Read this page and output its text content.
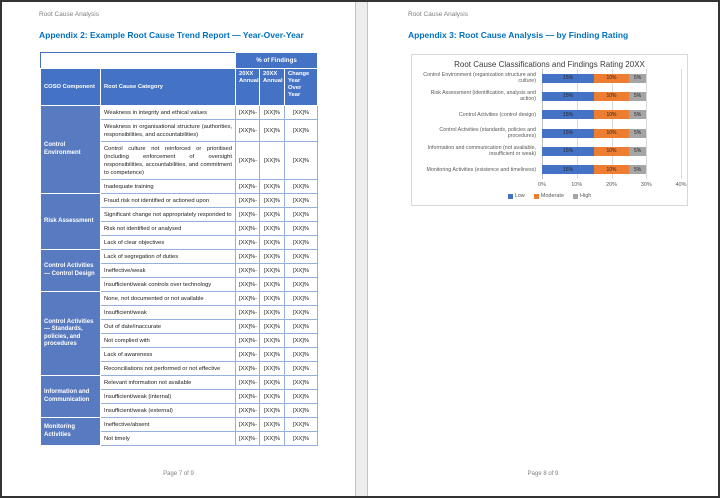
Root Cause Analysis
Appendix 2: Example Root Cause Trend Report — Year-Over-Year
		% of Findings		
COSO Component	Root Cause Category	20XX Annual	20XX Annual	Change Year Over Year
Control Environment	Weakness in integrity and ethical values	[XX]%-	[XX]%	[XX]%
	Weakness in organisational structure (authorities, responsibilities, and accountabilities)	[XX]%-	[XX]%	[XX]%
	Control culture not reinforced or prioritised (including enforcement of oversight responsibilities, accountabilities, and commitment to competence)	[XX]%-	[XX]%	[XX]%
	Inadequate training	[XX]%-	[XX]%	[XX]%
Risk Assessment	Fraud risk not identified or actioned upon	[XX]%-	[XX]%	[XX]%
	Significant change not appropriately responded to	[XX]%-	[XX]%	[XX]%
	Risk not identified or analysed	[XX]%-	[XX]%	[XX]%
	Lack of clear objectives	[XX]%-	[XX]%	[XX]%
Control Activities — Control Design	Lack of segregation of duties	[XX]%-	[XX]%	[XX]%
	Ineffective/weak	[XX]%-	[XX]%	[XX]%
	Insufficient/weak controls over technology	[XX]%-	[XX]%	[XX]%
Control Activities — Standards, policies, and procedures	None, not documented or not available	[XX]%-	[XX]%	[XX]%
	Insufficient/weak	[XX]%-	[XX]%	[XX]%
	Out of date/inaccurate	[XX]%-	[XX]%	[XX]%
	Not complied with	[XX]%-	[XX]%	[XX]%
	Lack of awareness	[XX]%-	[XX]%	[XX]%
	Reconciliations not performed or not effective	[XX]%-	[XX]%	[XX]%
Information and Communication	Relevant information not available	[XX]%-	[XX]%	[XX]%
	Insufficient/weak (internal)	[XX]%-	[XX]%	[XX]%
	Insufficient/weak (external)	[XX]%-	[XX]%	[XX]%
Monitoring Activities	Ineffective/absent	[XX]%-	[XX]%	[XX]%
	Not timely	[XX]%-	[XX]%	[XX]%
Page 7 of 9
Root Cause Analysis
Appendix 3: Root Cause Analysis — by Finding Rating
Root Cause Classifications and Findings Rating 20XX
Control Environment (organization structure and culture)	15%	10%	5%
Risk Assessment (identification, analysis and action)	15%	10%	5%
Control Activities (control design)	15%	10%	5%
Control Activities (standards, policies and procedures)	15%	10%	5%
Information and communication (not available, insufficient or weak)	15%	10%	5%
Monitoring Activities (existence and timeliness)	15%	10%	5%
0%	10%	20%	30%	40%
Low	Moderate	High
Page 8 of 9
